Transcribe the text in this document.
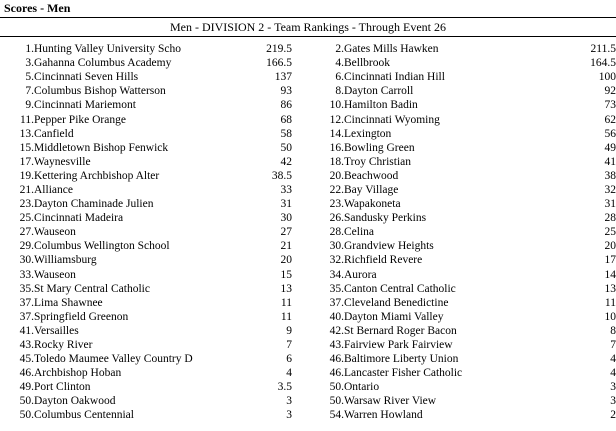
Scores - Men
Men - DIVISION 2 - Team Rankings - Through Event 26
1.	Hunting Valley University Scho	219.5		2.	Gates Mills Hawken	211.5
3.	Gahanna Columbus Academy	166.5		4.	Bellbrook	164.5
5.	Cincinnati Seven Hills	137		6.	Cincinnati Indian Hill	100
7.	Columbus Bishop Watterson	93		8.	Dayton Carroll	92
9.	Cincinnati Mariemont	86		10.	Hamilton Badin	73
11.	Pepper Pike Orange	68		12.	Cincinnati Wyoming	62
13.	Canfield	58		14.	Lexington	56
15.	Middletown Bishop Fenwick	50		16.	Bowling Green	49
17.	Waynesville	42		18.	Troy Christian	41
19.	Kettering Archbishop Alter	38.5		20.	Beachwood	38
21.	Alliance	33		22.	Bay Village	32
23.	Dayton Chaminade Julien	31		23.	Wapakoneta	31
25.	Cincinnati Madeira	30		26.	Sandusky Perkins	28
27.	Wauseon	27		28.	Celina	25
29.	Columbus Wellington School	21		30.	Grandview Heights	20
30.	Williamsburg	20		32.	Richfield Revere	17
33.	Wauseon	15		34.	Aurora	14
35.	St Mary Central Catholic	13		35.	Canton Central Catholic	13
37.	Lima Shawnee	11		37.	Cleveland Benedictine	11
37.	Springfield Greenon	11		40.	Dayton Miami Valley	10
41.	Versailles	9		42.	St Bernard Roger Bacon	8
43.	Rocky River	7		43.	Fairview Park Fairview	7
45.	Toledo Maumee Valley Country D	6		46.	Baltimore Liberty Union	4
46.	Archbishop Hoban	4		46.	Lancaster Fisher Catholic	4
49.	Port Clinton	3.5		50.	Ontario	3
50.	Dayton Oakwood	3		50.	Warsaw River View	3
50.	Columbus Centennial	3		54.	Warren Howland	2
